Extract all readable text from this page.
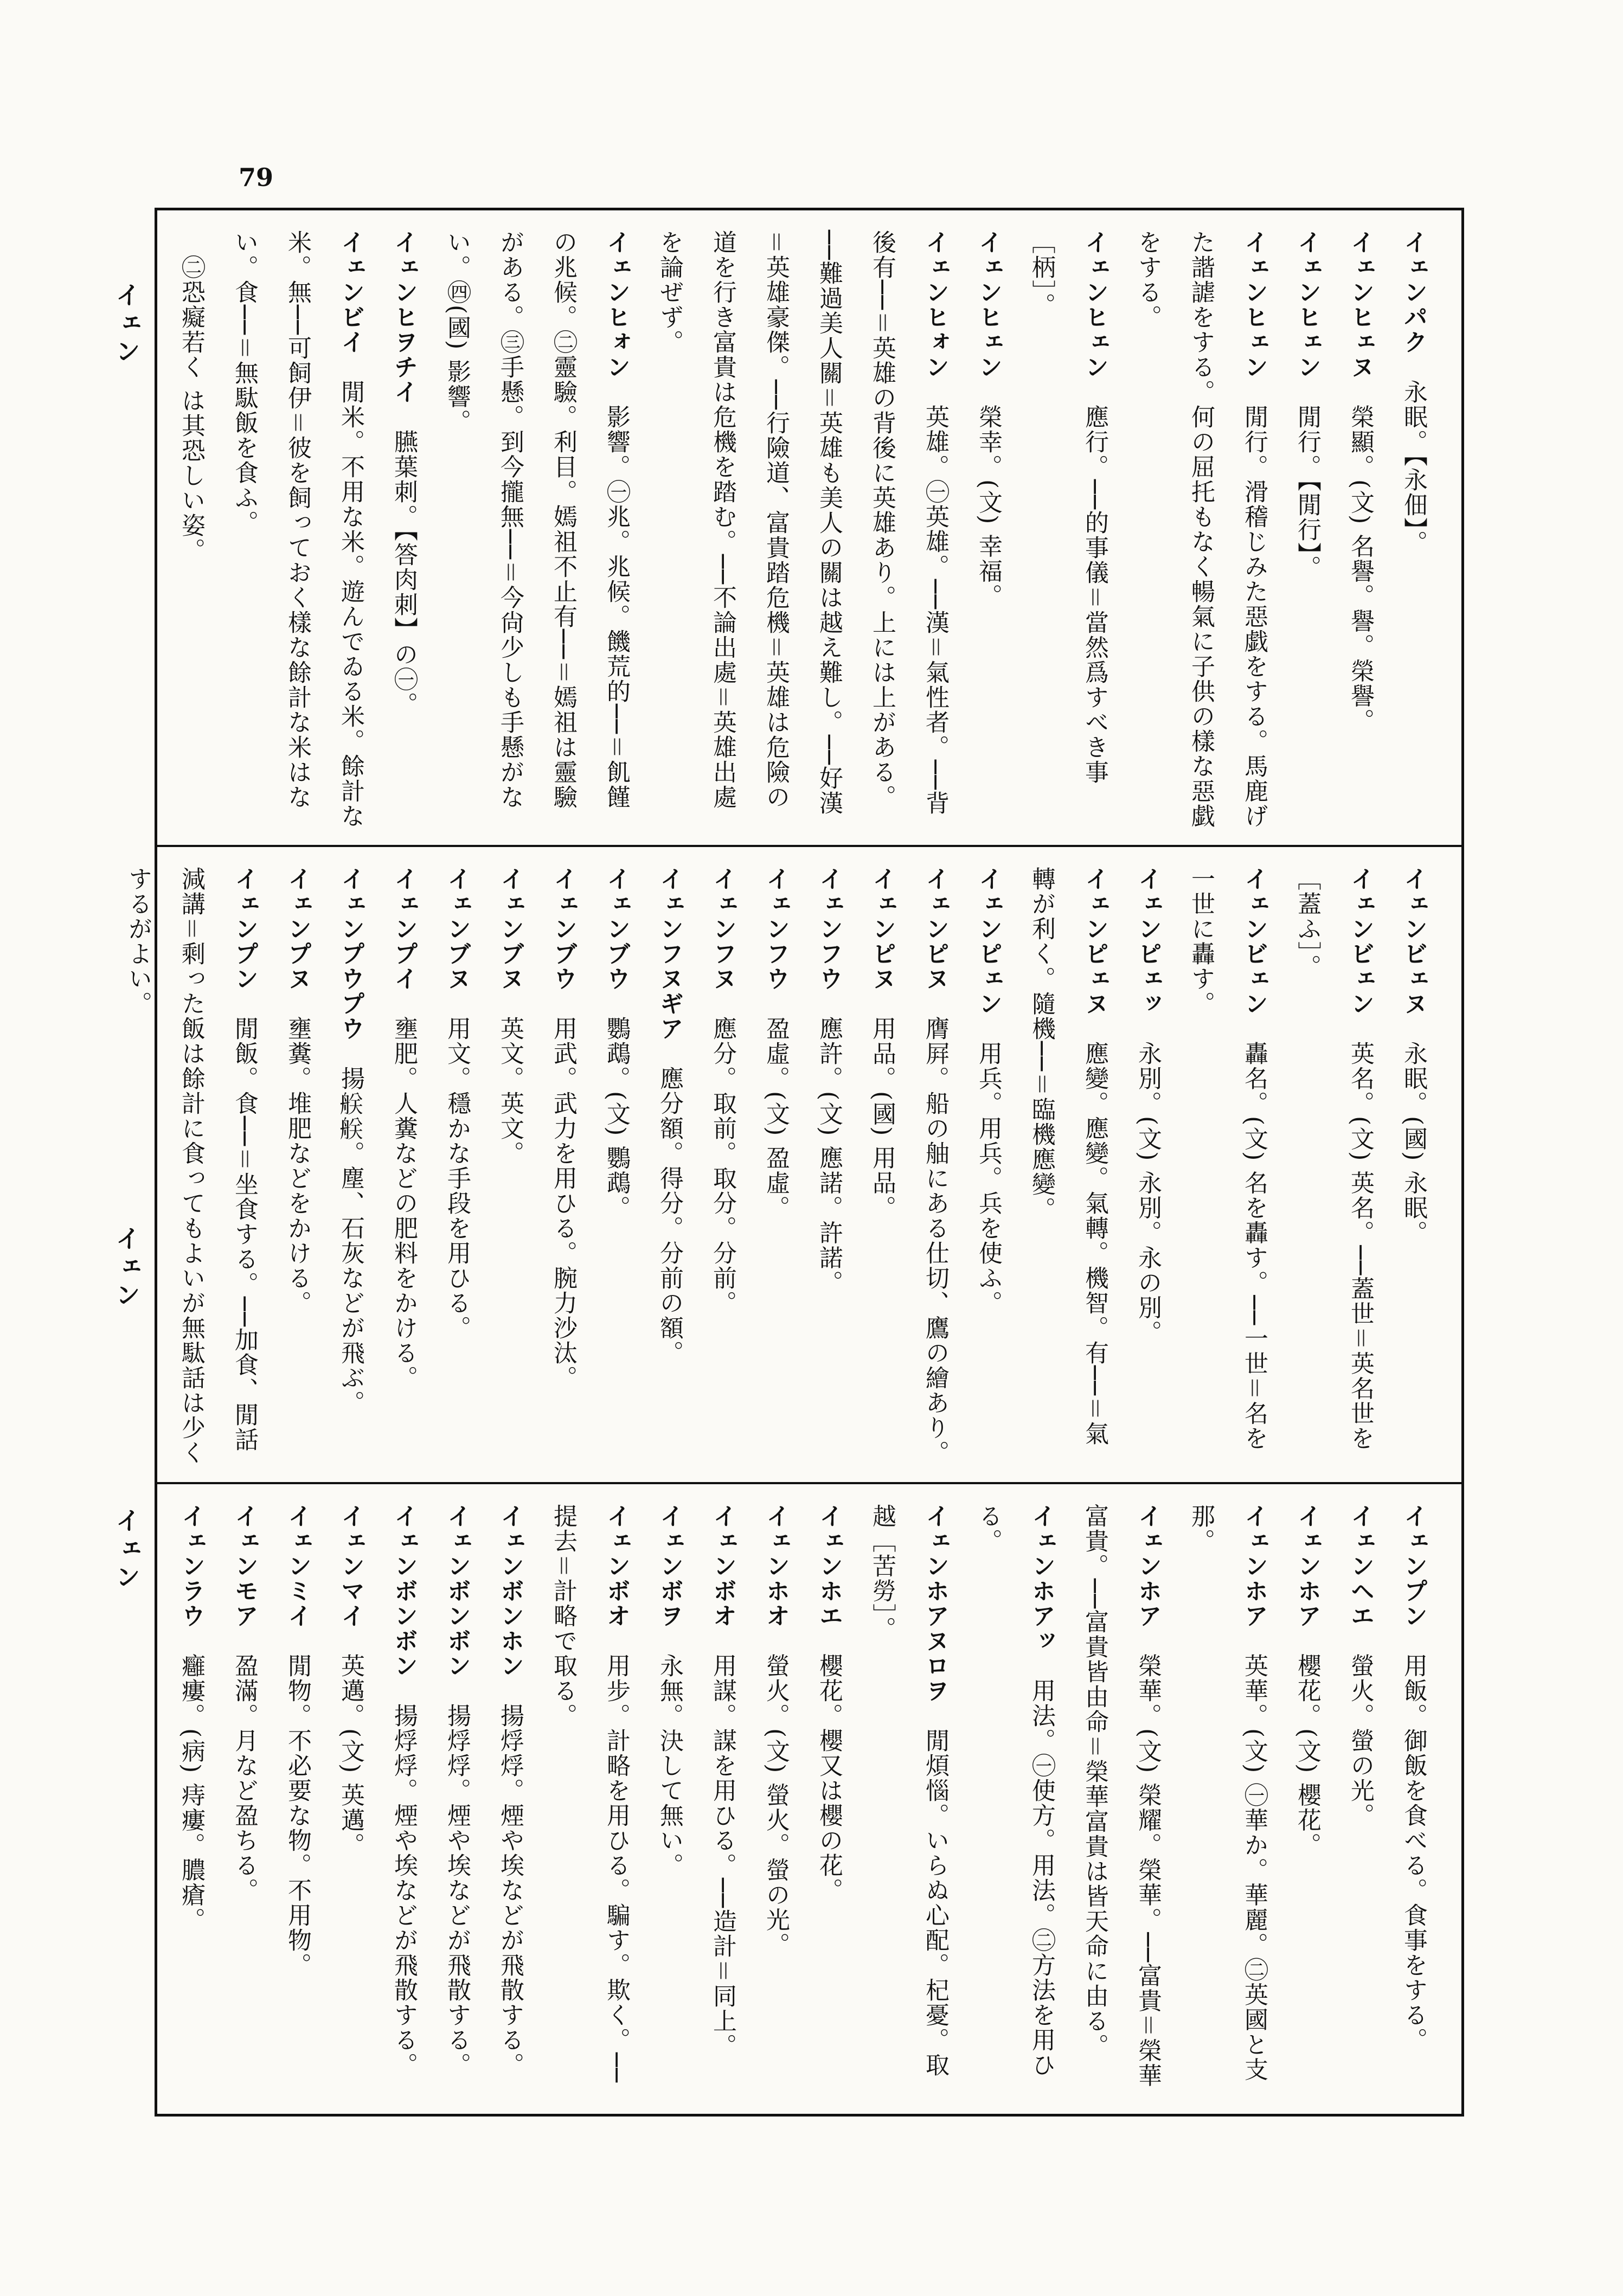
79
イェン
イェン
イェン
イェンパク　永眠。【永佃】。
イェンヒェヌ　榮顯。(文) 名譽。譽。榮譽。
イェンヒェン　閒行。【閒行】。
イェンヒェン　閒行。滑稽じみた惡戯をする。馬鹿げた諧謔をする。何の屈托もなく暢氣に子供の樣な惡戯をする。
イェンヒェン　應行。──的事儀＝當然爲すべき事［柄］。
イェンヒェン　榮幸。(文) 幸福。
イェンヒォン　英雄。㊀英雄。──漢＝氣性者。──背後有──＝英雄の背後に英雄あり。上には上がある。──難過美人關＝英雄も美人の關は越え難し。──好漢＝英雄豪傑。──行險道、富貴踏危機＝英雄は危險の道を行き富貴は危機を踏む。──不論出處＝英雄出處を論ぜず。
イェンヒォン　影響。㊀兆。兆候。饑荒的──＝飢饉の兆候。㊁靈驗。利目。嫣祖不止有──＝嫣祖は靈驗がある。㊂手懸。到今攏無──＝今尙少しも手懸がない。㊃(國) 影響。
イェンヒヲチイ　臙葉刺。【答肉刺】の㊀。
イェンビイ　閒米。不用な米。遊んでゐる米。餘計な米。無──可飼伊＝彼を飼っておく樣な餘計な米はない。食──＝無駄飯を食ふ。
　㊁恐癡若く は其恐しい姿。
イェンビェヌ　永眠。(國) 永眠。
イェンビェン　英名。(文) 英名。──蓋世＝英名世を［蓋ふ］。
イェンビェン　轟名。(文) 名を轟す。──一世＝名を一世に轟す。
イェンピェッ　永別。(文) 永別。永の別。
イェンピェヌ　應變。應變。氣轉。機智。有──＝氣轉が利く。隨機──＝臨機應變。
イェンピェン　用兵。用兵。兵を使ふ。
イェンピヌ　膺屛。船の舳にある仕切、鷹の繪あり。
イェンピヌ　用品。(國) 用品。
イェンフウ　應許。(文) 應諾。許諾。
イェンフウ　盈虛。(文) 盈虛。
イェンフヌ　應分。取前。取分。分前。
イェンフヌギア　應分額。得分。分前の額。
イェンブウ　鸚鵡。(文) 鸚鵡。
イェンブウ　用武。武力を用ひる。腕力沙汰。
イェンブヌ　英文。英文。
イェンブヌ　用文。穩かな手段を用ひる。
イェンプイ　壅肥。人糞などの肥料をかける。
イェンプウプウ　揚𦨶𦨶。塵、石灰などが飛ぶ。
イェンプヌ　壅糞。堆肥などをかける。
イェンプン　閒飯。食──＝坐食する。──加食、閒話減講＝剩った飯は餘計に食ってもよいが無駄話は少くするがよい。
イェンプン　用飯。御飯を食べる。食事をする。
イェンヘエ　螢火。螢の光。
イェンホア　櫻花。(文) 櫻花。
イェンホア　英華。(文) ㊀華か。華麗。㊁英國と支那。
イェンホア　榮華。(文) 榮耀。榮華。──富貴＝榮華富貴。──富貴皆由命＝榮華富貴は皆天命に由る。
イェンホアッ　用法。㊀使方。用法。㊁方法を用ひる。
イェンホアヌロヲ　閒煩惱。いらぬ心配。杞憂。取越［苦勞］。
イェンホエ　櫻花。櫻又は櫻の花。
イェンホオ　螢火。(文) 螢火。螢の光。
イェンボオ　用謀。謀を用ひる。──造計＝同上。
イェンボヲ　永無。決して無い。
イェンボオ　用步。計略を用ひる。騙す。欺く。──提去＝計略で取る。
イェンボンホン　揚烰烰。煙や埃などが飛散する。
イェンボンボン　揚烰烰。煙や埃などが飛散する。
イェンボンボン　揚烰烰。煙や埃などが飛散する。
イェンマイ　英邁。(文) 英邁。
イェンミイ　閒物。不必要な物。不用物。
イェンモア　盈滿。月など盈ちる。
イェンラウ　癰瘻。(病) 痔瘻。膿瘡。
